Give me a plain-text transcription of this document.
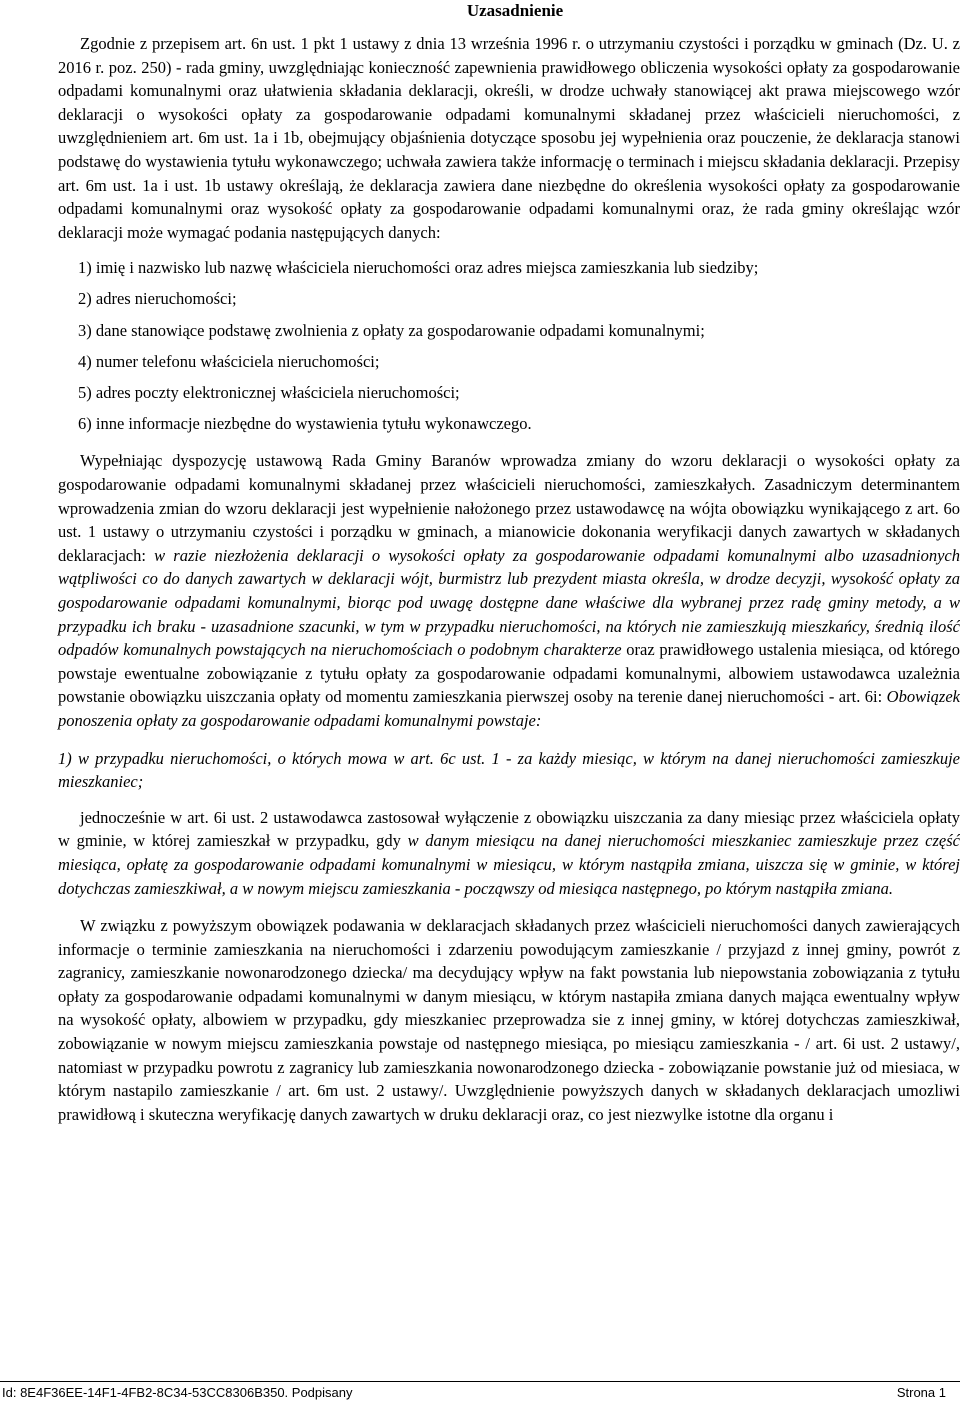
Uzasadnienie

Zgodnie z przepisem art. 6n ust. 1 pkt 1 ustawy z dnia 13 września 1996 r. o utrzymaniu czystości i porządku w gminach (Dz. U. z 2016 r. poz. 250) - rada gminy, uwzględniając konieczność zapewnienia prawidłowego obliczenia wysokości opłaty za gospodarowanie odpadami komunalnymi oraz ułatwienia składania deklaracji, określi, w drodze uchwały stanowiącej akt prawa miejscowego wzór deklaracji o wysokości opłaty za gospodarowanie odpadami komunalnymi składanej przez właścicieli nieruchomości, z uwzględnieniem art. 6m ust. 1a i 1b, obejmujący objaśnienia dotyczące sposobu jej wypełnienia oraz pouczenie, że deklaracja stanowi podstawę do wystawienia tytułu wykonawczego; uchwała zawiera także informację o terminach i miejscu składania deklaracji. Przepisy art. 6m ust. 1a i ust. 1b ustawy określają, że deklaracja zawiera dane niezbędne do określenia wysokości opłaty za gospodarowanie odpadami komunalnymi oraz wysokość opłaty za gospodarowanie odpadami komunalnymi oraz, że rada gminy określając wzór deklaracji może wymagać podania następujących danych:

1) imię i nazwisko lub nazwę właściciela nieruchomości oraz adres miejsca zamieszkania lub siedziby;

2) adres nieruchomości;

3) dane stanowiące podstawę zwolnienia z opłaty za gospodarowanie odpadami komunalnymi;

4) numer telefonu właściciela nieruchomości;

5) adres poczty elektronicznej właściciela nieruchomości;

6) inne informacje niezbędne do wystawienia tytułu wykonawczego.

Wypełniając dyspozycję ustawową Rada Gminy Baranów wprowadza zmiany do wzoru deklaracji o wysokości opłaty za gospodarowanie odpadami komunalnymi składanej przez właścicieli nieruchomości, zamieszkałych. Zasadniczym determinantem wprowadzenia zmian do wzoru deklaracji jest wypełnienie nałożonego przez ustawodawcę na wójta obowiązku wynikającego z art. 6o ust. 1 ustawy o utrzymaniu czystości i porządku w gminach, a mianowicie dokonania weryfikacji danych zawartych w składanych deklaracjach: w razie niezłożenia deklaracji o wysokości opłaty za gospodarowanie odpadami komunalnymi albo uzasadnionych wątpliwości co do danych zawartych w deklaracji wójt, burmistrz lub prezydent miasta określa, w drodze decyzji, wysokość opłaty za gospodarowanie odpadami komunalnymi, biorąc pod uwagę dostępne dane właściwe dla wybranej przez radę gminy metody, a w przypadku ich braku - uzasadnione szacunki, w tym w przypadku nieruchomości, na których nie zamieszkują mieszkańcy, średnią ilość odpadów komunalnych powstających na nieruchomościach o podobnym charakterze oraz prawidłowego ustalenia miesiąca, od którego powstaje ewentualne zobowiązanie z tytułu opłaty za gospodarowanie odpadami komunalnymi, albowiem ustawodawca uzależnia powstanie obowiązku uiszczania opłaty od momentu zamieszkania pierwszej osoby na terenie danej nieruchomości - art. 6i: Obowiązek ponoszenia opłaty za gospodarowanie odpadami komunalnymi powstaje:

1) w przypadku nieruchomości, o których mowa w art. 6c ust. 1 - za każdy miesiąc, w którym na danej nieruchomości zamieszkuje mieszkaniec;

jednocześnie w art. 6i ust. 2 ustawodawca zastosował wyłączenie z obowiązku uiszczania za dany miesiąc przez właściciela opłaty w gminie, w której zamieszkał w przypadku, gdy w danym miesiącu na danej nieruchomości mieszkaniec zamieszkuje przez część miesiąca, opłatę za gospodarowanie odpadami komunalnymi w miesiącu, w którym nastąpiła zmiana, uiszcza się w gminie, w której dotychczas zamieszkiwał, a w nowym miejscu zamieszkania - począwszy od miesiąca następnego, po którym nastąpiła zmiana.

W związku z powyższym obowiązek podawania w deklaracjach składanych przez właścicieli nieruchomości danych zawierających informacje o terminie zamieszkania na nieruchomości i zdarzeniu powodującym zamieszkanie / przyjazd z innej gminy, powrót z zagranicy, zamieszkanie nowonarodzonego dziecka/ ma decydujący wpływ na fakt powstania lub niepowstania zobowiązania z tytułu opłaty za gospodarowanie odpadami komunalnymi w danym miesiącu, w którym nastapiła zmiana danych mająca ewentualny wpływ na wysokość opłaty, albowiem w przypadku, gdy mieszkaniec przeprowadza sie z innej gminy, w której dotychczas zamieszkiwał, zobowiązanie w nowym miejscu zamieszkania powstaje od następnego miesiąca, po miesiącu zamieszkania - / art. 6i ust. 2 ustawy/, natomiast w przypadku powrotu z zagranicy lub zamieszkania nowonarodzonego dziecka - zobowiązanie powstanie już od miesiaca, w którym nastapilo zamieszkanie / art. 6m ust. 2 ustawy/. Uwzględnienie powyższych danych w składanych deklaracjach umozliwi prawidłową i skuteczna weryfikację danych zawartych w druku deklaracji oraz, co jest niezwylke istotne dla organu i

Id: 8E4F36EE-14F1-4FB2-8C34-53CC8306B350. Podpisany	Strona 1
